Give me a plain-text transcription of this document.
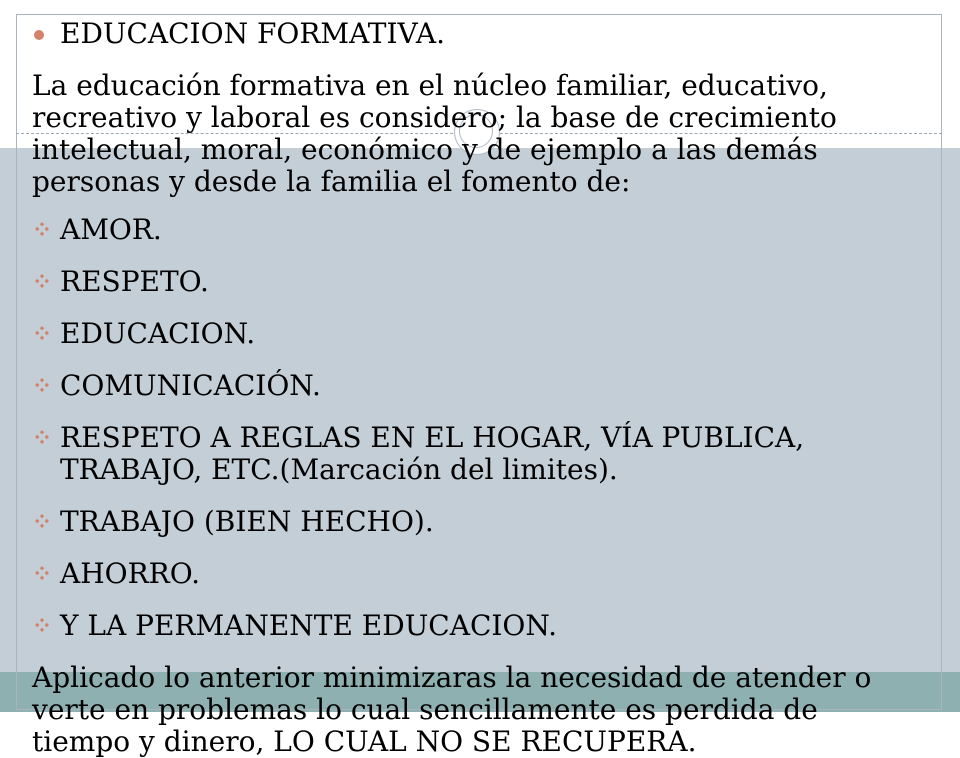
EDUCACION FORMATIVA.

La educación formativa en el núcleo familiar, educativo, recreativo y laboral es considero; la base de crecimiento intelectual, moral, económico y de ejemplo a las demás personas y desde la familia el fomento de:

AMOR.
RESPETO.
EDUCACION.
COMUNICACIÓN.
RESPETO A REGLAS EN EL HOGAR, VÍA PUBLICA, TRABAJO, ETC.(Marcación del limites).
TRABAJO (BIEN HECHO).
AHORRO.
Y LA PERMANENTE EDUCACION.

Aplicado lo anterior minimizaras la necesidad de atender o verte en problemas lo cual sencillamente es perdida de tiempo y dinero, LO CUAL NO SE RECUPERA.
